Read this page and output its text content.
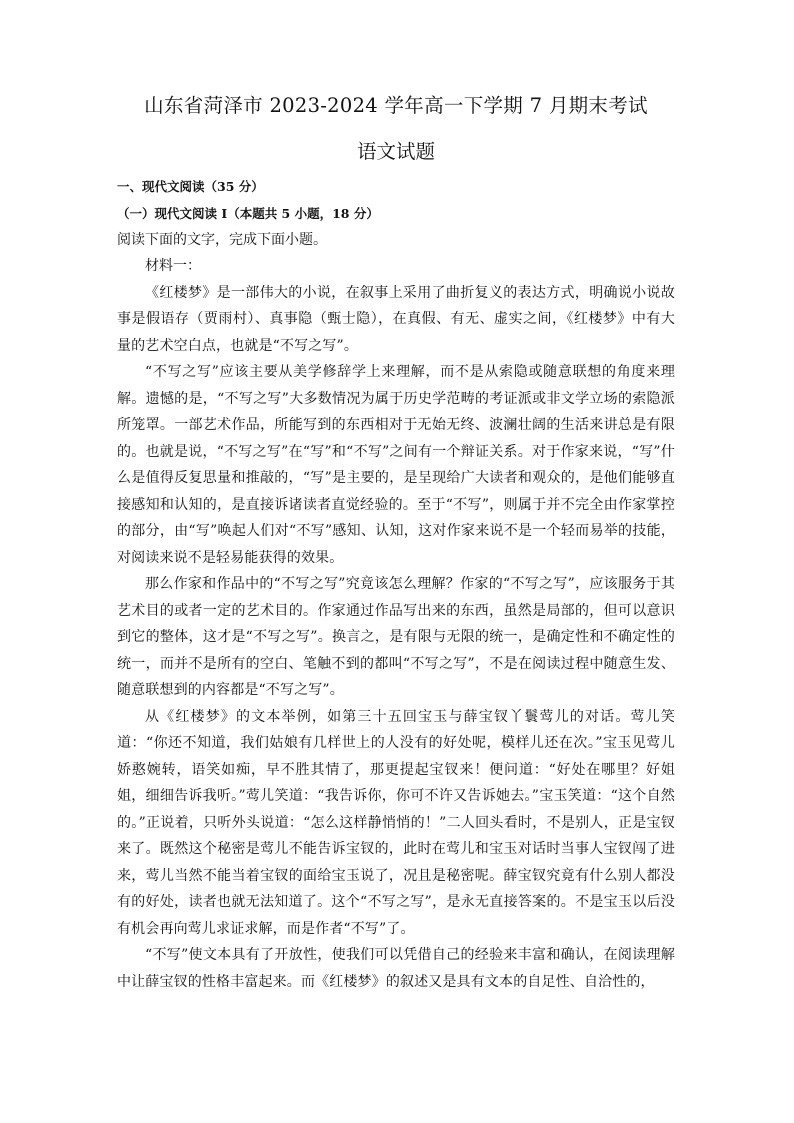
山东省菏泽市 2023-2024 学年高一下学期 7 月期末考试
语文试题
一、现代文阅读（35 分）
（一）现代文阅读 I（本题共 5 小题，18 分）
阅读下面的文字，完成下面小题。
材料一：

《红楼梦》是一部伟大的小说，在叙事上采用了曲折复义的表达方式，明确说小说故事是假语存（贾雨村）、真事隐（甄士隐），在真假、有无、虚实之间，《红楼梦》中有大量的艺术空白点，也就是“不写之写”。

“不写之写”应该主要从美学修辞学上来理解，而不是从索隐或随意联想的角度来理解。遗憾的是，“不写之写”大多数情况为属于历史学范畴的考证派或非文学立场的索隐派所笼罩。一部艺术作品，所能写到的东西相对于无始无终、波澜壮阔的生活来讲总是有限的。也就是说，“不写之写”在“写”和“不写”之间有一个辩证关系。对于作家来说，“写”什么是值得反复思量和推敲的，“写”是主要的，是呈现给广大读者和观众的，是他们能够直接感知和认知的，是直接诉诸读者直觉经验的。至于“不写”，则属于并不完全由作家掌控的部分，由“写”唤起人们对“不写”感知、认知，这对作家来说不是一个轻而易举的技能，对阅读来说不是轻易能获得的效果。

那么作家和作品中的“不写之写”究竟该怎么理解？作家的“不写之写”，应该服务于其艺术目的或者一定的艺术目的。作家通过作品写出来的东西，虽然是局部的，但可以意识到它的整体，这才是“不写之写”。换言之，是有限与无限的统一，是确定性和不确定性的统一，而并不是所有的空白、笔触不到的都叫“不写之写”，不是在阅读过程中随意生发、随意联想到的内容都是“不写之写”。

从《红楼梦》的文本举例，如第三十五回宝玉与薛宝钗丫鬟莺儿的对话。莺儿笑道：“你还不知道，我们姑娘有几样世上的人没有的好处呢，模样儿还在次。”宝玉见莺儿娇憨婉转，语笑如痴，早不胜其情了，那更提起宝钗来！便问道：“好处在哪里？好姐姐，细细告诉我听。”莺儿笑道：“我告诉你，你可不许又告诉她去。”宝玉笑道：“这个自然的。”正说着，只听外头说道：“怎么这样静悄悄的！”二人回头看时，不是别人，正是宝钗来了。既然这个秘密是莺儿不能告诉宝钗的，此时在莺儿和宝玉对话时当事人宝钗闯了进来，莺儿当然不能当着宝钗的面给宝玉说了，况且是秘密呢。薛宝钗究竟有什么别人都没有的好处，读者也就无法知道了。这个“不写之写”，是永无直接答案的。不是宝玉以后没有机会再向莺儿求证求解，而是作者“不写”了。

“不写”使文本具有了开放性，使我们可以凭借自己的经验来丰富和确认，在阅读理解中让薛宝钗的性格丰富起来。而《红楼梦》的叙述又是具有文本的自足性、自洽性的，
